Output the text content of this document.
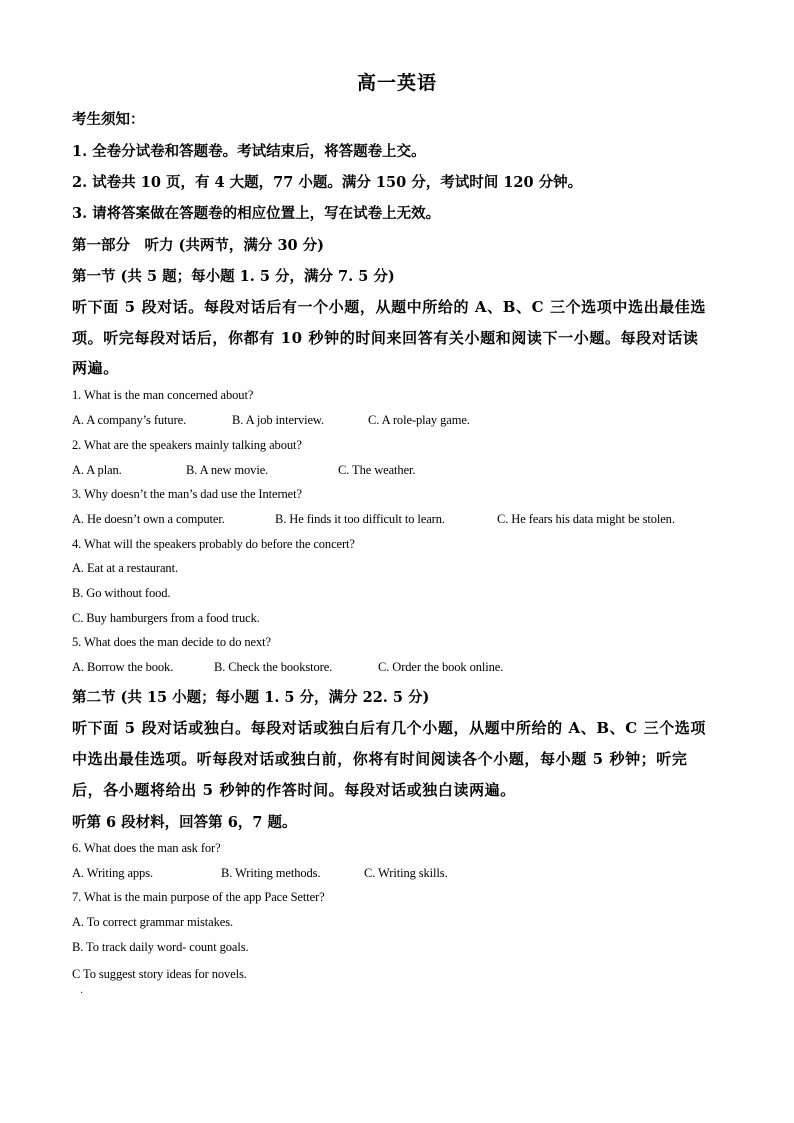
高一英语
考生须知：
1. 全卷分试卷和答题卷。考试结束后，将答题卷上交。
2. 试卷共 10 页，有 4 大题，77 小题。满分 150 分，考试时间 120 分钟。
3. 请将答案做在答题卷的相应位置上，写在试卷上无效。
第一部分　听力 (共两节，满分 30 分)
第一节 (共 5 题；每小题 1. 5 分，满分 7. 5 分)
听下面 5 段对话。每段对话后有一个小题，从题中所给的 A、B、C 三个选项中选出最佳选
项。听完每段对话后，你都有 10 秒钟的时间来回答有关小题和阅读下一小题。每段对话读
两遍。
1. What is the man concerned about?
A. A company’s future.	B. A job interview.	C. A role-play game.
2. What are the speakers mainly talking about?
A. A plan.	B. A new movie.	C. The weather.
3. Why doesn’t the man’s dad use the Internet?
A. He doesn’t own a computer.	B. He finds it too difficult to learn.	C. He fears his data might be stolen.
4. What will the speakers probably do before the concert?
A. Eat at a restaurant.
B. Go without food.
C. Buy hamburgers from a food truck.
5. What does the man decide to do next?
A. Borrow the book.	B. Check the bookstore.	C. Order the book online.
第二节 (共 15 小题；每小题 1. 5 分，满分 22. 5 分)
听下面 5 段对话或独白。每段对话或独白后有几个小题，从题中所给的 A、B、C 三个选项
中选出最佳选项。听每段对话或独白前，你将有时间阅读各个小题，每小题 5 秒钟；听完
后，各小题将给出 5 秒钟的作答时间。每段对话或独白读两遍。
听第 6 段材料，回答第 6，7 题。
6. What does the man ask for?
A. Writing apps.	B. Writing methods.	C. Writing skills.
7. What is the main purpose of the app Pace Setter?
A. To correct grammar mistakes.
B. To track daily word- count goals.
C To suggest story ideas for novels.
·
